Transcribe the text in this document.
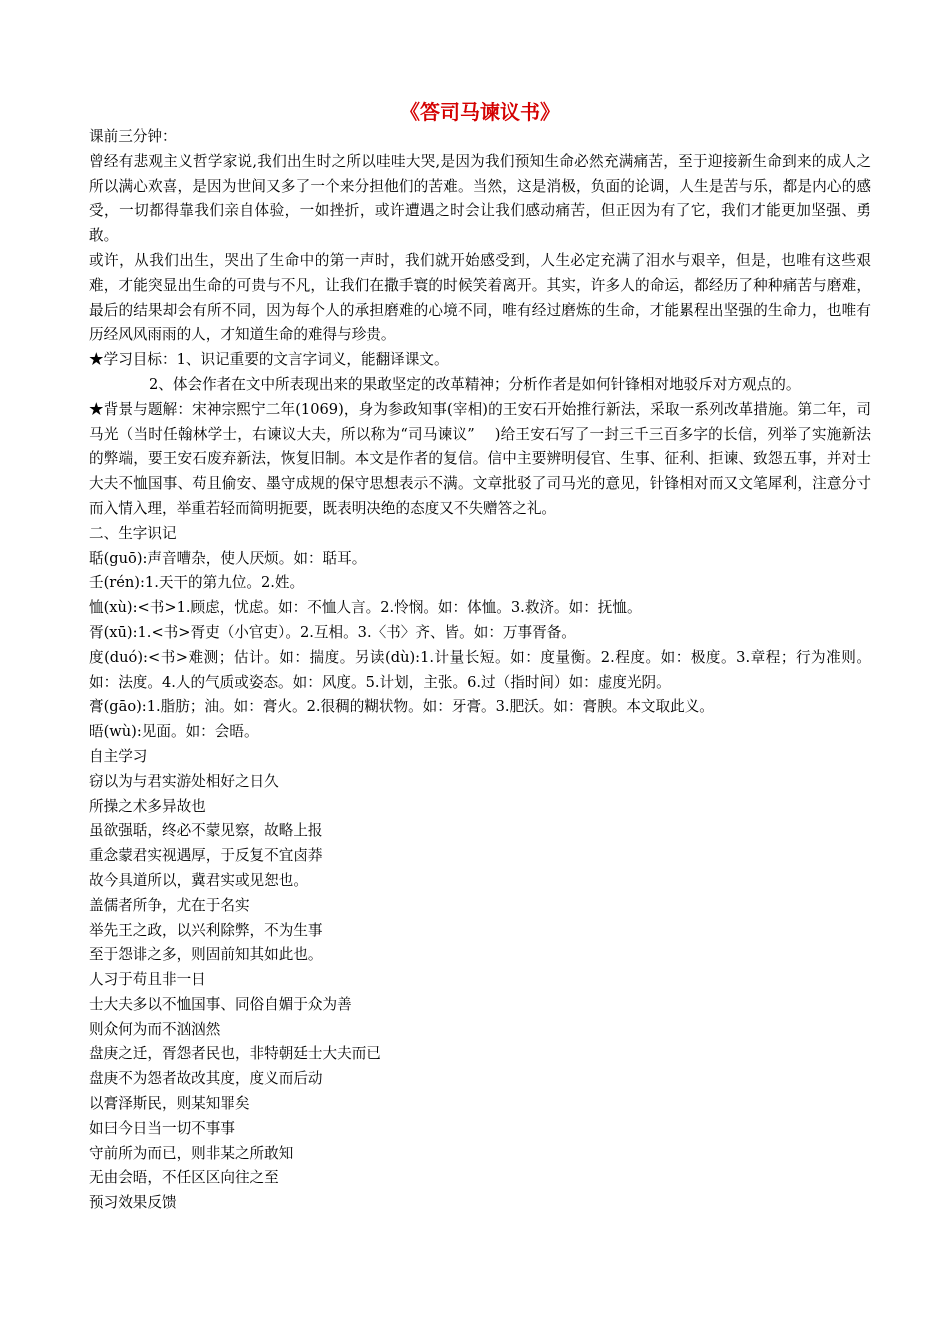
《答司马谏议书》

课前三分钟：

曾经有悲观主义哲学家说,我们出生时之所以哇哇大哭,是因为我们预知生命必然充满痛苦，至于迎接新生命到来的成人之所以满心欢喜，是因为世间又多了一个来分担他们的苦难。当然，这是消极，负面的论调，人生是苦与乐，都是内心的感受，一切都得靠我们亲自体验，一如挫折，或许遭遇之时会让我们感动痛苦，但正因为有了它，我们才能更加坚强、勇敢。

或许，从我们出生，哭出了生命中的第一声时，我们就开始感受到，人生必定充满了泪水与艰辛，但是，也唯有这些艰难，才能突显出生命的可贵与不凡，让我们在撒手寰的时候笑着离开。其实，许多人的命运，都经历了种种痛苦与磨难，最后的结果却会有所不同，因为每个人的承担磨难的心境不同，唯有经过磨炼的生命，才能累程出坚强的生命力，也唯有历经风风雨雨的人，才知道生命的难得与珍贵。

★学习目标：1、识记重要的文言字词义，能翻译课文。

2、体会作者在文中所表现出来的果敢坚定的改革精神；分析作者是如何针锋相对地驳斥对方观点的。

★背景与题解：宋神宗熙宁二年(1069)，身为参政知事(宰相)的王安石开始推行新法，采取一系列改革措施。第二年，司马光（当时任翰林学士，右谏议大夫，所以称为“司马谏议”　 )给王安石写了一封三千三百多字的长信，列举了实施新法的弊端，要王安石废弃新法，恢复旧制。本文是作者的复信。信中主要辨明侵官、生事、征利、拒谏、致怨五事，并对士大夫不恤国事、苟且偷安、墨守成规的保守思想表示不满。文章批驳了司马光的意见，针锋相对而又文笔犀利，注意分寸而入情入理，举重若轻而简明扼要，既表明决绝的态度又不失赠答之礼。

二、生字识记

聒(guō):声音嘈杂，使人厌烦。如：聒耳。

壬(rén):1.天干的第九位。2.姓。

恤(xù):<书>1.顾虑，忧虑。如：不恤人言。2.怜悯。如：体恤。3.救济。如：抚恤。

胥(xū):1.<书>胥吏（小官吏）。2.互相。3.〈书〉齐、皆。如：万事胥备。

度(duó):<书>难测；估计。如：揣度。另读(dù):1.计量长短。如：度量衡。2.程度。如：极度。3.章程；行为准则。如：法度。4.人的气质或姿态。如：风度。5.计划，主张。6.过（指时间）如：虚度光阴。

膏(gāo):1.脂肪；油。如：膏火。2.很稠的糊状物。如：牙膏。3.肥沃。如：膏腴。本文取此义。

晤(wù):见面。如：会晤。

自主学习

窃以为与君实游处相好之日久

所操之术多异故也

虽欲强聒，终必不蒙见察，故略上报

重念蒙君实视遇厚，于反复不宜卤莽

故今具道所以，冀君实或见恕也。

盖儒者所争，尤在于名实

举先王之政，以兴利除弊，不为生事

至于怨诽之多，则固前知其如此也。

人习于苟且非一日

士大夫多以不恤国事、同俗自媚于众为善

则众何为而不汹汹然

盘庚之迁，胥怨者民也，非特朝廷士大夫而已

盘庚不为怨者故改其度，度义而后动

以膏泽斯民，则某知罪矣

如曰今日当一切不事事

守前所为而已，则非某之所敢知

无由会晤，不任区区向往之至

预习效果反馈
